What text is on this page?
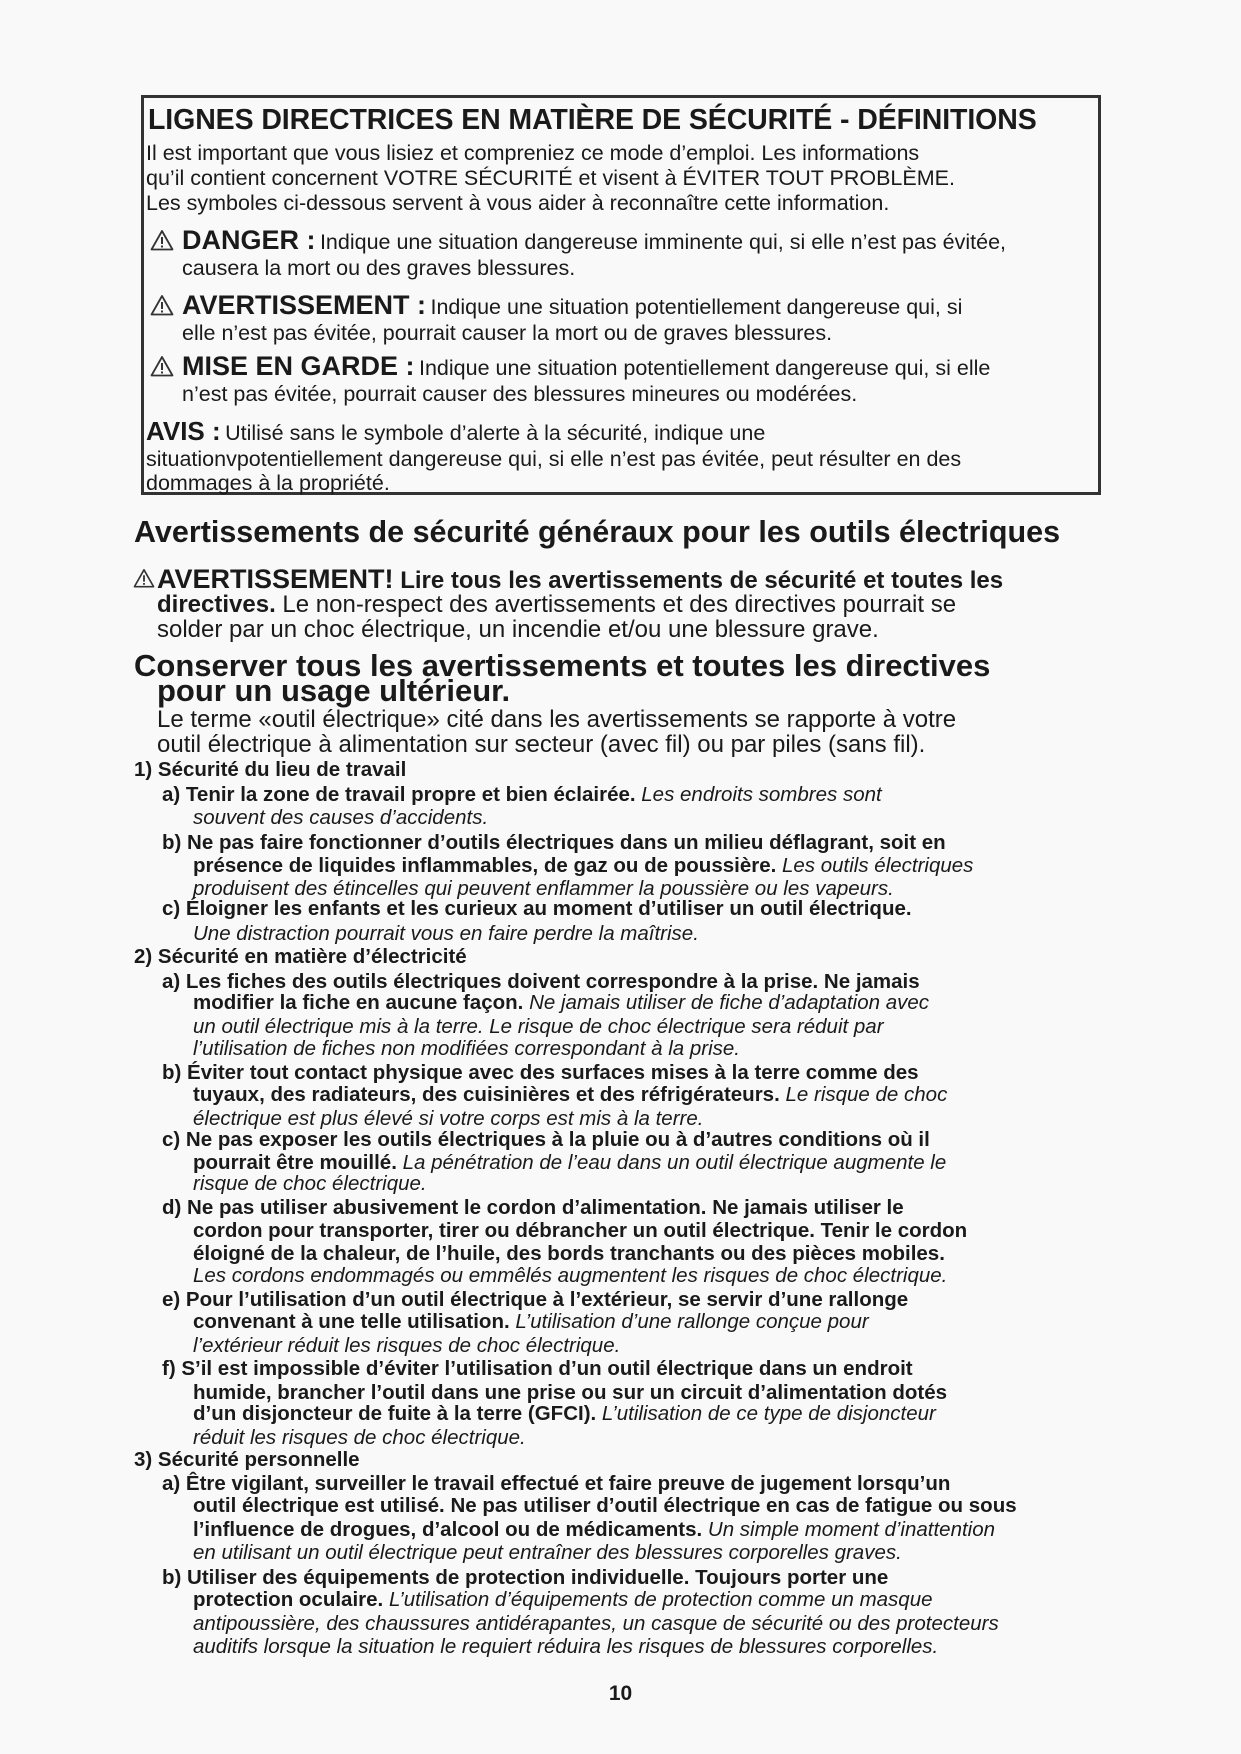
LIGNES DIRECTRICES EN MATIÈRE DE SÉCURITÉ - DÉFINITIONS

Il est important que vous lisiez et compreniez ce mode d’emploi. Les informations

qu’il contient concernent VOTRE SÉCURITÉ et visent à ÉVITER TOUT PROBLÈME.

Les symboles ci-dessous servent à vous aider à reconnaître cette information.

DANGER :
Indique une situation dangereuse imminente qui, si elle n’est pas évitée,

causera la mort ou des graves blessures.

AVERTISSEMENT :
Indique une situation potentiellement dangereuse qui, si

elle n’est pas évitée, pourrait causer la mort ou de graves blessures.

MISE EN GARDE :
Indique une situation potentiellement dangereuse qui, si elle

n’est pas évitée, pourrait causer des blessures mineures ou modérées.

AVIS :
Utilisé sans le symbole d’alerte à la sécurité, indique une

situationvpotentiellement dangereuse qui, si elle n’est pas évitée, peut résulter en des

dommages à la propriété.

Avertissements de sécurité généraux pour les outils électriques

AVERTISSEMENT!
Lire tous les avertissements de sécurité et toutes les

directives. Le non-respect des avertissements et des directives pourrait se

solder par un choc électrique, un incendie et/ou une blessure grave.

Conserver tous les avertissements et toutes les directives

pour un usage ultérieur.

Le terme «outil électrique» cité dans les avertissements se rapporte à votre

outil électrique à alimentation sur secteur (avec fil) ou par piles (sans fil).

1) Sécurité du lieu de travail

a) Tenir la zone de travail propre et bien éclairée. Les endroits sombres sont

souvent des causes d’accidents.

b) Ne pas faire fonctionner d’outils électriques dans un milieu déflagrant, soit en

présence de liquides inflammables, de gaz ou de poussière. Les outils électriques

produisent des étincelles qui peuvent enflammer la poussière ou les vapeurs.

c) Éloigner les enfants et les curieux au moment d’utiliser un outil électrique.

Une distraction pourrait vous en faire perdre la maîtrise.

2) Sécurité en matière d’électricité

a) Les fiches des outils électriques doivent correspondre à la prise. Ne jamais

modifier la fiche en aucune façon. Ne jamais utiliser de fiche d’adaptation avec

un outil électrique mis à la terre. Le risque de choc électrique sera réduit par

l’utilisation de fiches non modifiées correspondant à la prise.

b) Éviter tout contact physique avec des surfaces mises à la terre comme des

tuyaux, des radiateurs, des cuisinières et des réfrigérateurs. Le risque de choc

électrique est plus élevé si votre corps est mis à la terre.

c) Ne pas exposer les outils électriques à la pluie ou à d’autres conditions où il

pourrait être mouillé. La pénétration de l’eau dans un outil électrique augmente le

risque de choc électrique.

d) Ne pas utiliser abusivement le cordon d’alimentation. Ne jamais utiliser le

cordon pour transporter, tirer ou débrancher un outil électrique. Tenir le cordon

éloigné de la chaleur, de l’huile, des bords tranchants ou des pièces mobiles.

Les cordons endommagés ou emmêlés augmentent les risques de choc électrique.

e) Pour l’utilisation d’un outil électrique à l’extérieur, se servir d’une rallonge

convenant à une telle utilisation. L’utilisation d’une rallonge conçue pour

l’extérieur réduit les risques de choc électrique.

f) S’il est impossible d’éviter l’utilisation d’un outil électrique dans un endroit

humide, brancher l’outil dans une prise ou sur un circuit d’alimentation dotés

d’un disjoncteur de fuite à la terre (GFCI). L’utilisation de ce type de disjoncteur

réduit les risques de choc électrique.

3) Sécurité personnelle

a) Être vigilant, surveiller le travail effectué et faire preuve de jugement lorsqu’un

outil électrique est utilisé. Ne pas utiliser d’outil électrique en cas de fatigue ou sous

l’influence de drogues, d’alcool ou de médicaments. Un simple moment d’inattention

en utilisant un outil électrique peut entraîner des blessures corporelles graves.

b) Utiliser des équipements de protection individuelle. Toujours porter une

protection oculaire. L’utilisation d’équipements de protection comme un masque

antipoussière, des chaussures antidérapantes, un casque de sécurité ou des protecteurs

auditifs lorsque la situation le requiert réduira les risques de blessures corporelles.

10
